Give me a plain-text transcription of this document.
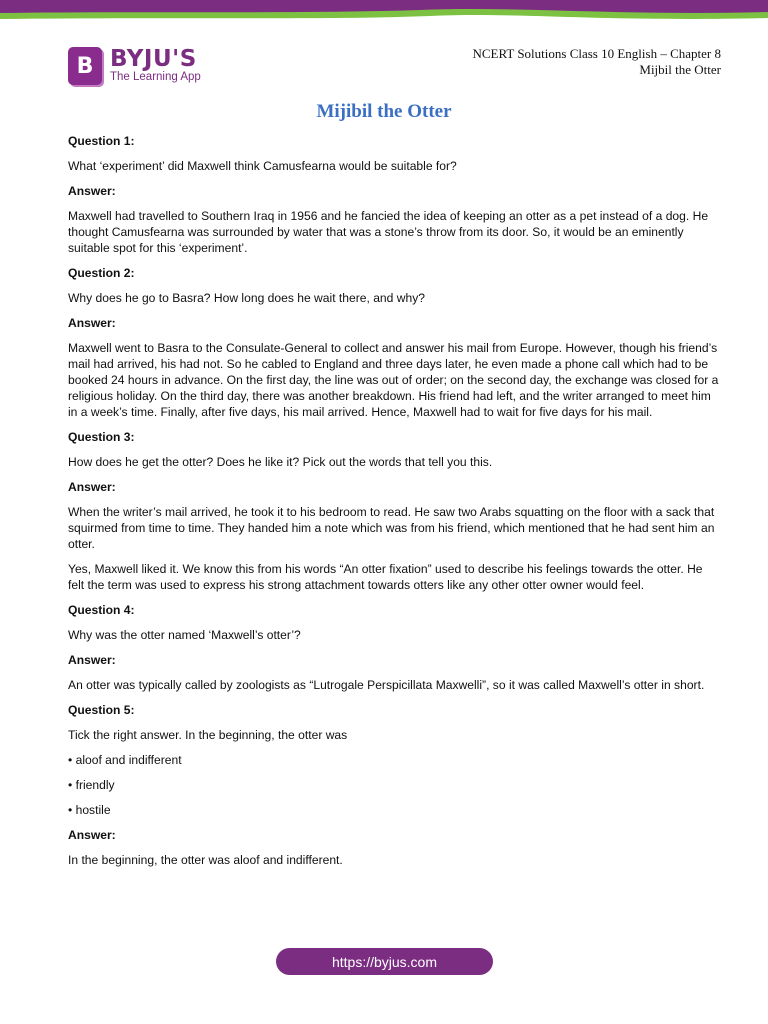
B BYJU'S
The Learning App
NCERT Solutions Class 10 English – Chapter 8
Mijbil the Otter
Mijibil the Otter

Question 1:

What ‘experiment’ did Maxwell think Camusfearna would be suitable for?

Answer:

Maxwell had travelled to Southern Iraq in 1956 and he fancied the idea of keeping an otter as a pet instead of a dog. He thought Camusfearna was surrounded by water that was a stone’s throw from its door. So, it would be an eminently suitable spot for this ‘experiment’.

Question 2:

Why does he go to Basra? How long does he wait there, and why?

Answer:

Maxwell went to Basra to the Consulate-General to collect and answer his mail from Europe. However, though his friend’s mail had arrived, his had not. So he cabled to England and three days later, he even made a phone call which had to be booked 24 hours in advance. On the first day, the line was out of order; on the second day, the exchange was closed for a religious holiday. On the third day, there was another breakdown. His friend had left, and the writer arranged to meet him in a week’s time. Finally, after five days, his mail arrived. Hence, Maxwell had to wait for five days for his mail.

Question 3:

How does he get the otter? Does he like it? Pick out the words that tell you this.

Answer:

When the writer’s mail arrived, he took it to his bedroom to read. He saw two Arabs squatting on the floor with a sack that squirmed from time to time. They handed him a note which was from his friend, which mentioned that he had sent him an otter.

Yes, Maxwell liked it. We know this from his words “An otter fixation” used to describe his feelings towards the otter. He felt the term was used to express his strong attachment towards otters like any other otter owner would feel.

Question 4:

Why was the otter named ‘Maxwell’s otter’?

Answer:

An otter was typically called by zoologists as “Lutrogale Perspicillata Maxwelli”, so it was called Maxwell’s otter in short.

Question 5:

Tick the right answer. In the beginning, the otter was

• aloof and indifferent

• friendly

• hostile

Answer:

In the beginning, the otter was aloof and indifferent.

https://byjus.com
